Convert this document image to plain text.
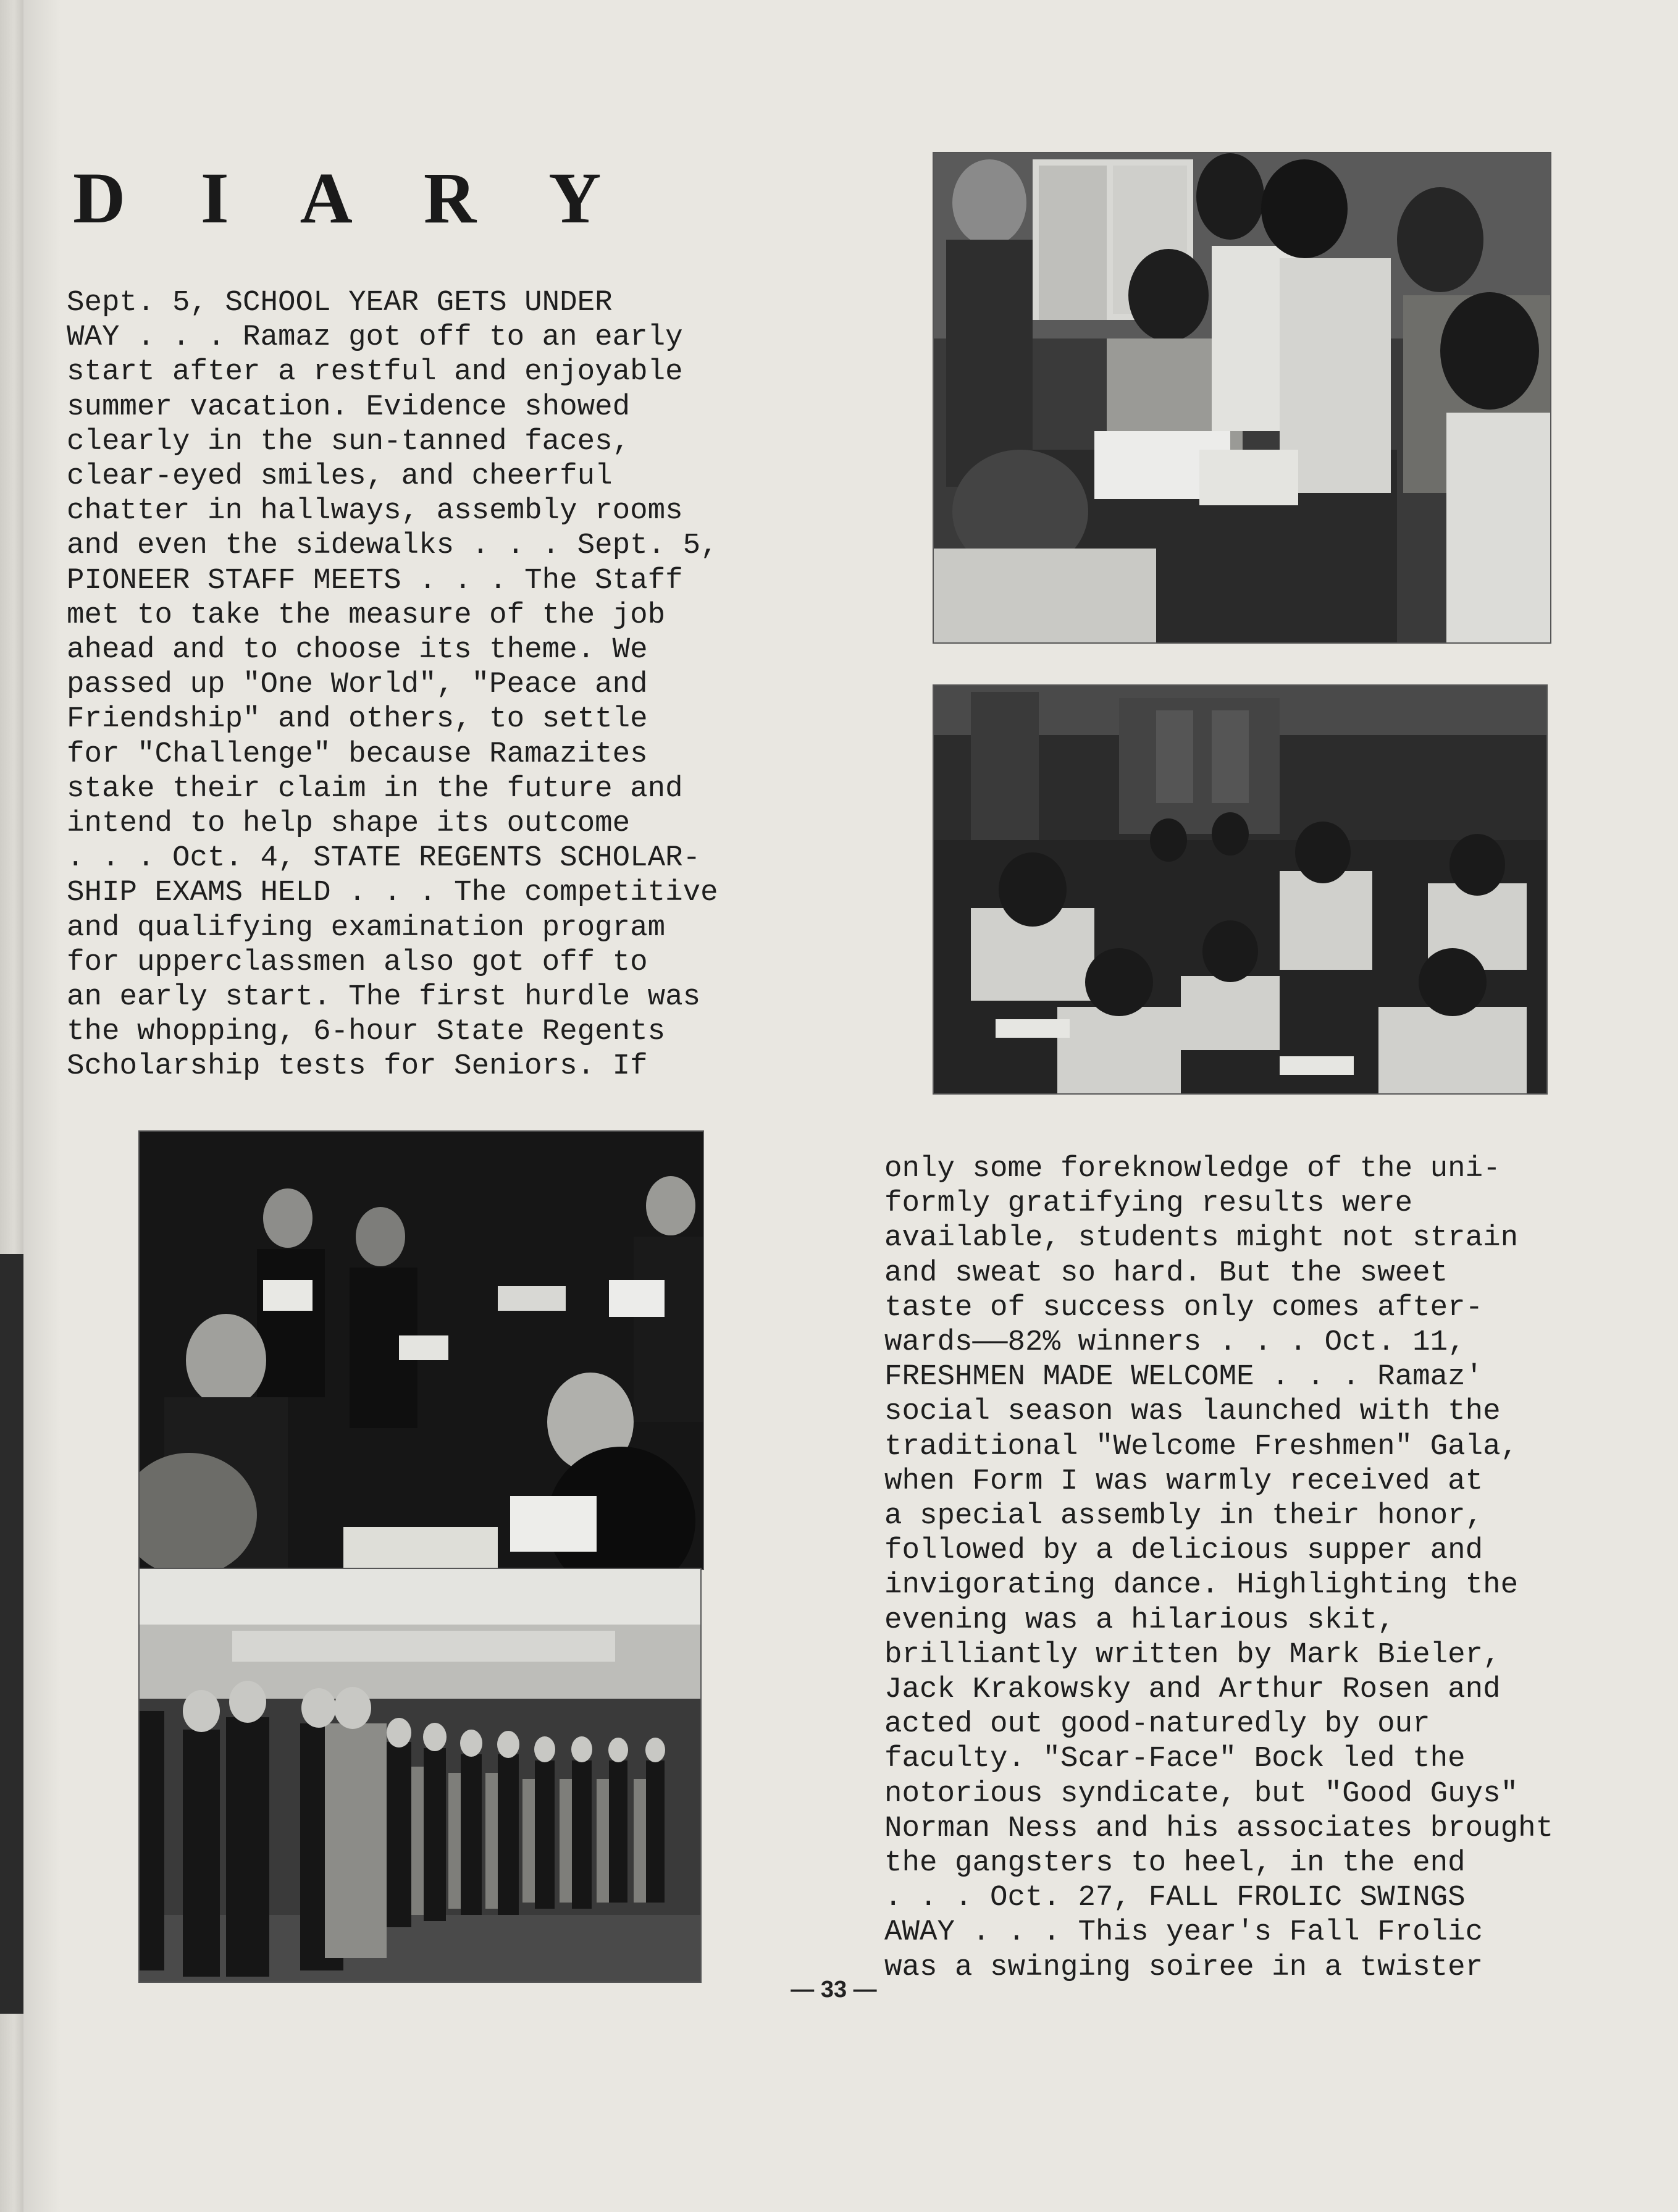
D I A R Y
Sept. 5, SCHOOL YEAR GETS UNDER
WAY . . . Ramaz got off to an early
start after a restful and enjoyable
summer vacation. Evidence showed
clearly in the sun-tanned faces,
clear-eyed smiles, and cheerful
chatter in hallways, assembly rooms
and even the sidewalks . . . Sept. 5,
PIONEER STAFF MEETS . . . The Staff
met to take the measure of the job
ahead and to choose its theme. We
passed up "One World", "Peace and
Friendship" and others, to settle
for "Challenge" because Ramazites
stake their claim in the future and
intend to help shape its outcome
. . . Oct. 4, STATE REGENTS SCHOLAR-
SHIP EXAMS HELD . . . The competitive
and qualifying examination program
for upperclassmen also got off to
an early start. The first hurdle was
the whopping, 6-hour State Regents
Scholarship tests for Seniors. If
only some foreknowledge of the uni-
formly gratifying results were
available, students might not strain
and sweat so hard. But the sweet
taste of success only comes after-
wards——82% winners . . . Oct. 11,
FRESHMEN MADE WELCOME . . . Ramaz'
social season was launched with the
traditional "Welcome Freshmen" Gala,
when Form I was warmly received at
a special assembly in their honor,
followed by a delicious supper and
invigorating dance. Highlighting the
evening was a hilarious skit,
brilliantly written by Mark Bieler,
Jack Krakowsky and Arthur Rosen and
acted out good-naturedly by our
faculty. "Scar-Face" Bock led the
notorious syndicate, but "Good Guys"
Norman Ness and his associates brought
the gangsters to heel, in the end
. . . Oct. 27, FALL FROLIC SWINGS
AWAY . . . This year's Fall Frolic
was a swinging soiree in a twister
— 33 —
